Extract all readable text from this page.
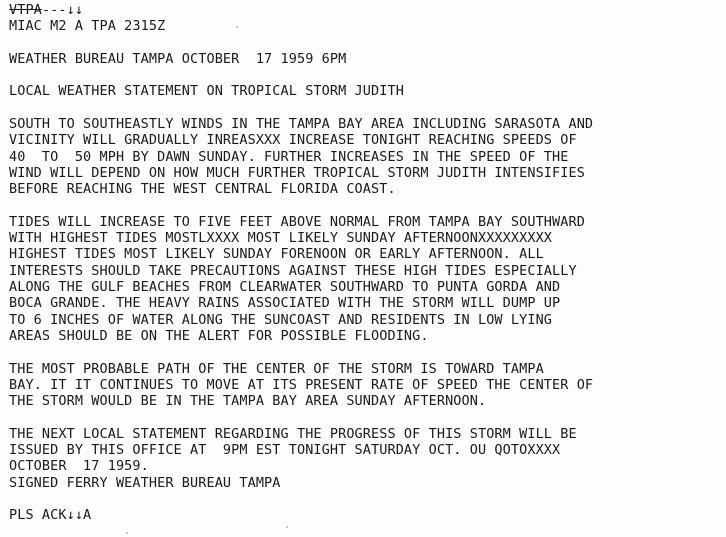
VTPA---↓↓
MIAC M2 A TPA 2315Z
WEATHER BUREAU TAMPA OCTOBER  17 1959 6PM
LOCAL WEATHER STATEMENT ON TROPICAL STORM JUDITH
SOUTH TO SOUTHEASTLY WINDS IN THE TAMPA BAY AREA INCLUDING SARASOTA AND
VICINITY WILL GRADUALLY INREASXXX INCREASE TONIGHT REACHING SPEEDS OF
40  TO  50 MPH BY DAWN SUNDAY. FURTHER INCREASES IN THE SPEED OF THE
WIND WILL DEPEND ON HOW MUCH FURTHER TROPICAL STORM JUDITH INTENSIFIES
BEFORE REACHING THE WEST CENTRAL FLORIDA COAST.
TIDES WILL INCREASE TO FIVE FEET ABOVE NORMAL FROM TAMPA BAY SOUTHWARD
WITH HIGHEST TIDES MOSTLXXXX MOST LIKELY SUNDAY AFTERNOONXXXXXXXXX
HIGHEST TIDES MOST LIKELY SUNDAY FORENOON OR EARLY AFTERNOON. ALL
INTERESTS SHOULD TAKE PRECAUTIONS AGAINST THESE HIGH TIDES ESPECIALLY
ALONG THE GULF BEACHES FROM CLEARWATER SOUTHWARD TO PUNTA GORDA AND
BOCA GRANDE. THE HEAVY RAINS ASSOCIATED WITH THE STORM WILL DUMP UP
TO 6 INCHES OF WATER ALONG THE SUNCOAST AND RESIDENTS IN LOW LYING
AREAS SHOULD BE ON THE ALERT FOR POSSIBLE FLOODING.
THE MOST PROBABLE PATH OF THE CENTER OF THE STORM IS TOWARD TAMPA
BAY. IT IT CONTINUES TO MOVE AT ITS PRESENT RATE OF SPEED THE CENTER OF
THE STORM WOULD BE IN THE TAMPA BAY AREA SUNDAY AFTERNOON.
THE NEXT LOCAL STATEMENT REGARDING THE PROGRESS OF THIS STORM WILL BE
ISSUED BY THIS OFFICE AT  9PM EST TONIGHT SATURDAY OCT. OU QOTOXXXX
OCTOBER  17 1959.
SIGNED FERRY WEATHER BUREAU TAMPA
PLS ACK↓↓A
